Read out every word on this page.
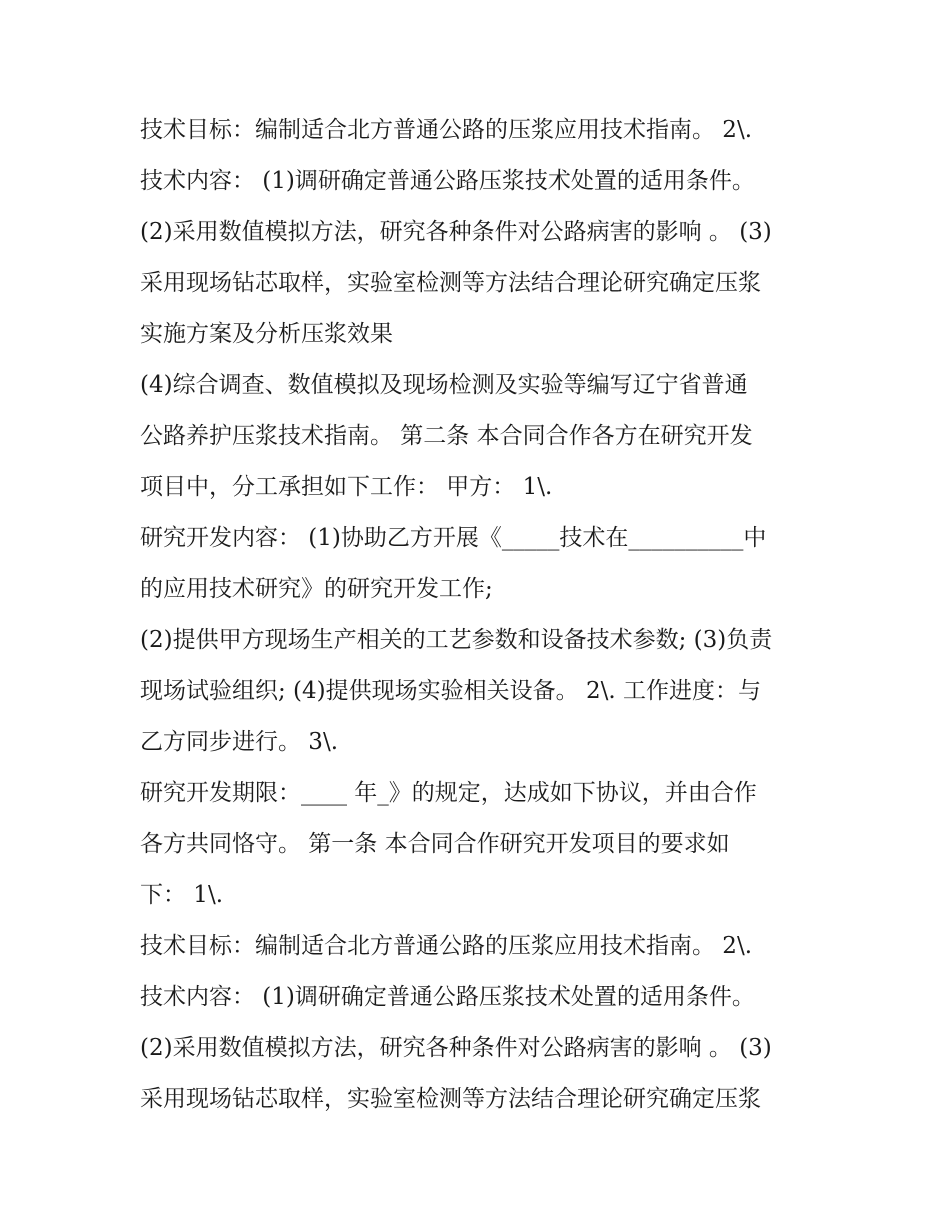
技术目标：编制适合北方普通公路的压浆应用技术指南。 2\.
技术内容： (1)调研确定普通公路压浆技术处置的适用条件。
(2)采用数值模拟方法，研究各种条件对公路病害的影响 。 (3)
采用现场钻芯取样，实验室检测等方法结合理论研究确定压浆
实施方案及分析压浆效果
(4)综合调查、数值模拟及现场检测及实验等编写辽宁省普通
公路养护压浆技术指南。 第二条 本合同合作各方在研究开发
项目中，分工承担如下工作： 甲方： 1\.
研究开发内容： (1)协助乙方开展《_____技术在__________中
的应用技术研究》的研究开发工作;
(2)提供甲方现场生产相关的工艺参数和设备技术参数; (3)负责
现场试验组织; (4)提供现场实验相关设备。 2\. 工作进度：与
乙方同步进行。 3\.
研究开发期限：____ 年_》的规定，达成如下协议，并由合作
各方共同恪守。 第一条 本合同合作研究开发项目的要求如
下： 1\.
技术目标：编制适合北方普通公路的压浆应用技术指南。 2\.
技术内容： (1)调研确定普通公路压浆技术处置的适用条件。
(2)采用数值模拟方法，研究各种条件对公路病害的影响 。 (3)
采用现场钻芯取样，实验室检测等方法结合理论研究确定压浆
